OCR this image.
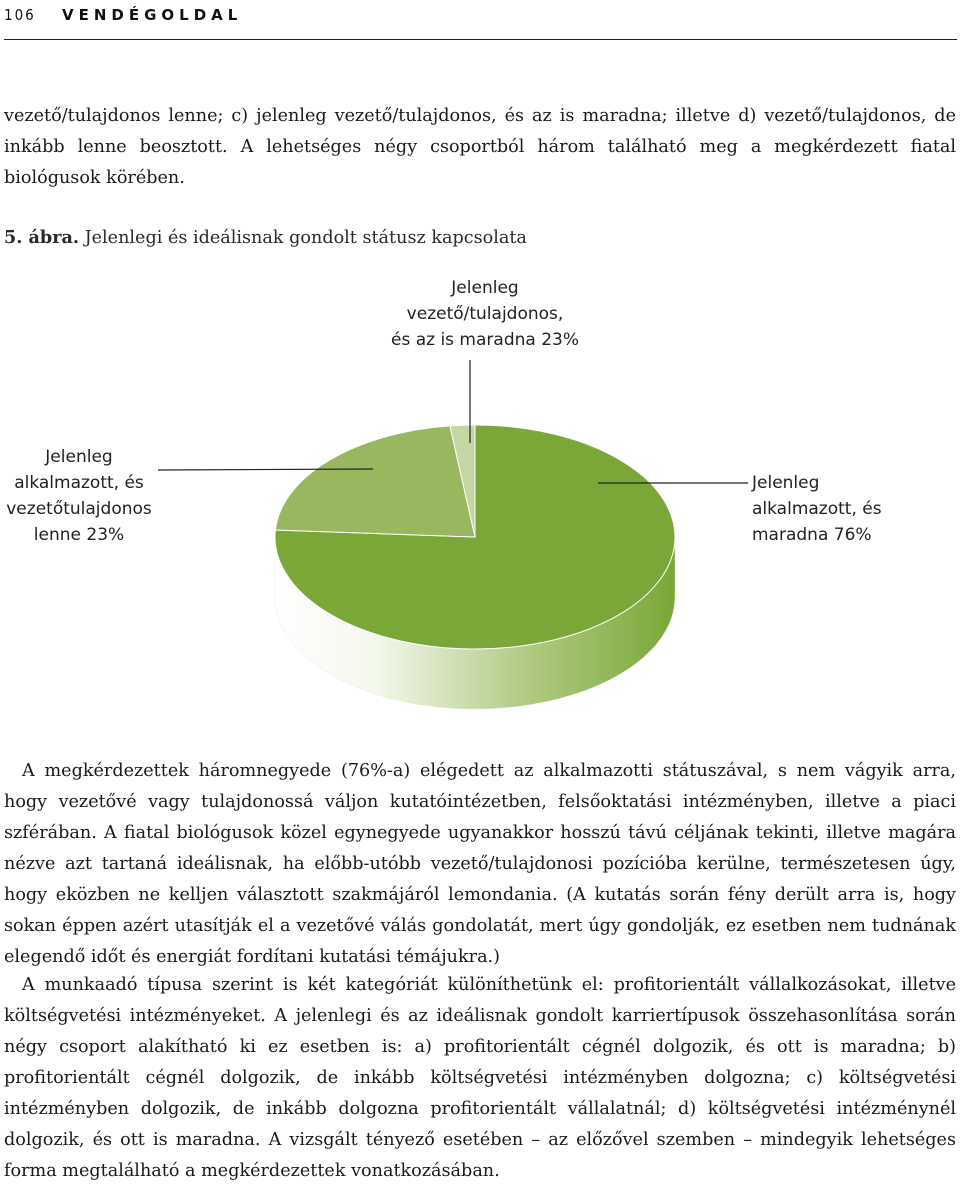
106 VENDÉGOLDAL

vezető/tulajdonos lenne; c) jelenleg vezető/tulajdonos, és az is maradna; illetve d) vezető/tulajdonos, de inkább lenne beosztott. A lehetséges négy csoportból három található meg a megkérdezett fiatal biológusok körében.

5. ábra. Jelenlegi és ideálisnak gondolt státusz kapcsolata

Jelenleg
vezető/tulajdonos,
és az is maradna 23%
Jelenleg
alkalmazott, és
vezetőtulajdonos
lenne 23%
Jelenleg
alkalmazott, és
maradna 76%

A megkérdezettek háromnegyede (76%-a) elégedett az alkalmazotti státuszával, s nem vágyik arra, hogy vezetővé vagy tulajdonossá váljon kutatóintézetben, felsőoktatási intézményben, illetve a piaci szférában. A fiatal biológusok közel egynegyede ugyanakkor hosszú távú céljának tekinti, illetve magára nézve azt tartaná ideálisnak, ha előbb-utóbb vezető/tulajdonosi pozícióba kerülne, természetesen úgy, hogy eközben ne kelljen választott szakmájáról lemondania. (A kutatás során fény derült arra is, hogy sokan éppen azért utasítják el a vezetővé válás gondolatát, mert úgy gondolják, ez esetben nem tudnának elegendő időt és energiát fordítani kutatási témájukra.)

A munkaadó típusa szerint is két kategóriát különíthetünk el: profitorientált vállalkozásokat, illetve költségvetési intézményeket. A jelenlegi és az ideálisnak gondolt karriertípusok összehasonlítása során négy csoport alakítható ki ez esetben is: a) profitorientált cégnél dolgozik, és ott is maradna; b) profitorientált cégnél dolgozik, de inkább költségvetési intézményben dolgozna; c) költségvetési intézményben dolgozik, de inkább dolgozna profitorientált vállalatnál; d) költségvetési intézménynél dolgozik, és ott is maradna. A vizsgált tényező esetében – az előzővel szemben – mindegyik lehetséges forma megtalálható a megkérdezettek vonatkozásában.
